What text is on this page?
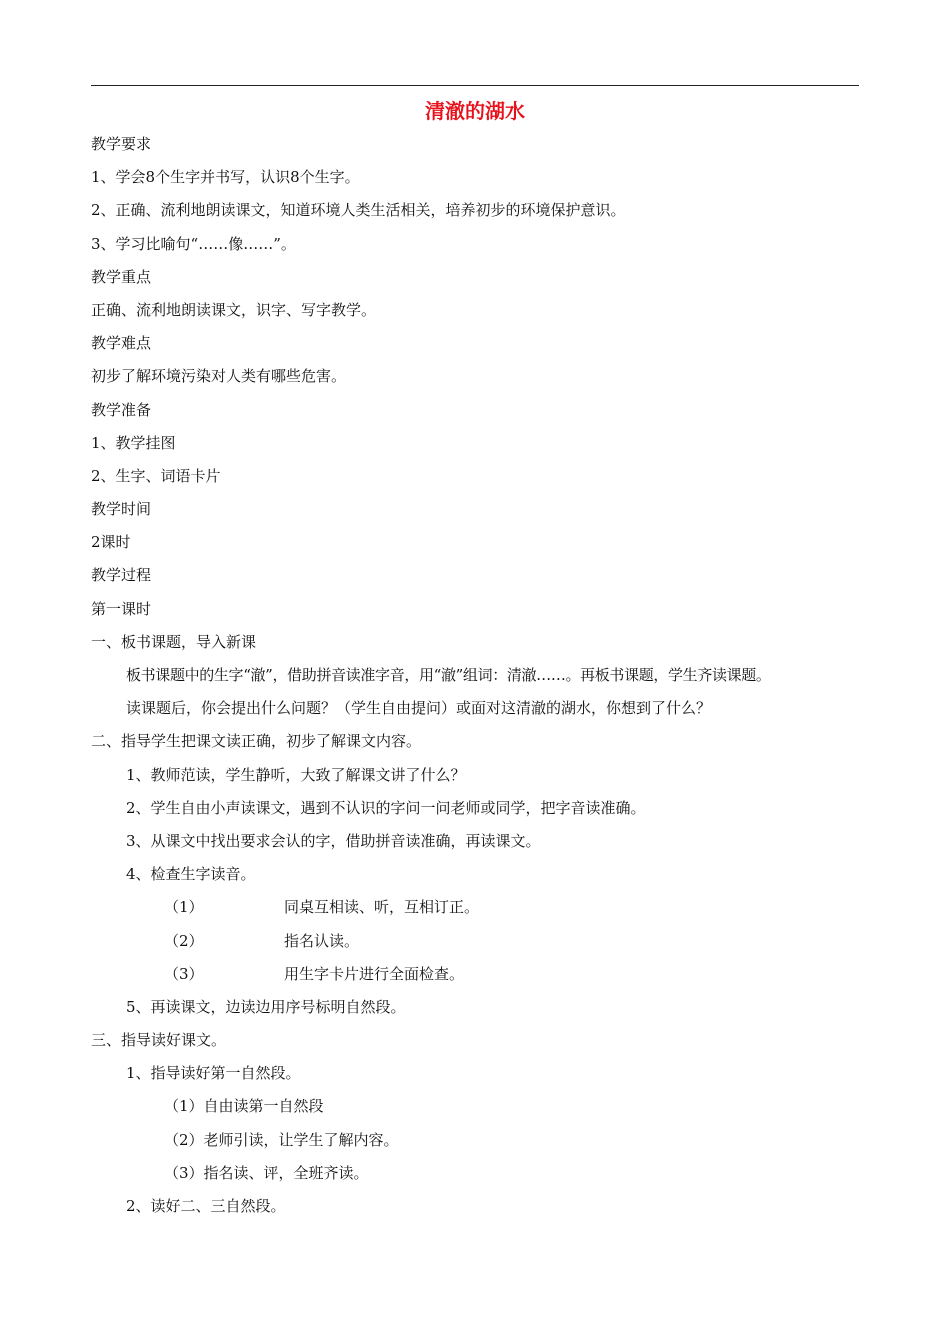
清澈的湖水
教学要求
1、学会8个生字并书写，认识8个生字。
2、正确、流利地朗读课文，知道环境人类生活相关，培养初步的环境保护意识。
3、学习比喻句“……像……”。
教学重点
正确、流利地朗读课文，识字、写字教学。
教学难点
初步了解环境污染对人类有哪些危害。
教学准备
1、教学挂图
2、生字、词语卡片
教学时间
2课时
教学过程
第一课时
一、板书课题，导入新课
板书课题中的生字“澈”，借助拼音读准字音，用“澈”组词：清澈……。再板书课题，学生齐读课题。
读课题后，你会提出什么问题？（学生自由提问）或面对这清澈的湖水，你想到了什么？
二、指导学生把课文读正确，初步了解课文内容。
1、教师范读，学生静听，大致了解课文讲了什么？
2、学生自由小声读课文，遇到不认识的字问一问老师或同学，把字音读准确。
3、从课文中找出要求会认的字，借助拼音读准确，再读课文。
4、检查生字读音。
（1）	同桌互相读、听，互相订正。
（2）	指名认读。
（3）	用生字卡片进行全面检查。
5、再读课文，边读边用序号标明自然段。
三、指导读好课文。
1、指导读好第一自然段。
（1）自由读第一自然段
（2）老师引读，让学生了解内容。
（3）指名读、评，全班齐读。
2、读好二、三自然段。
